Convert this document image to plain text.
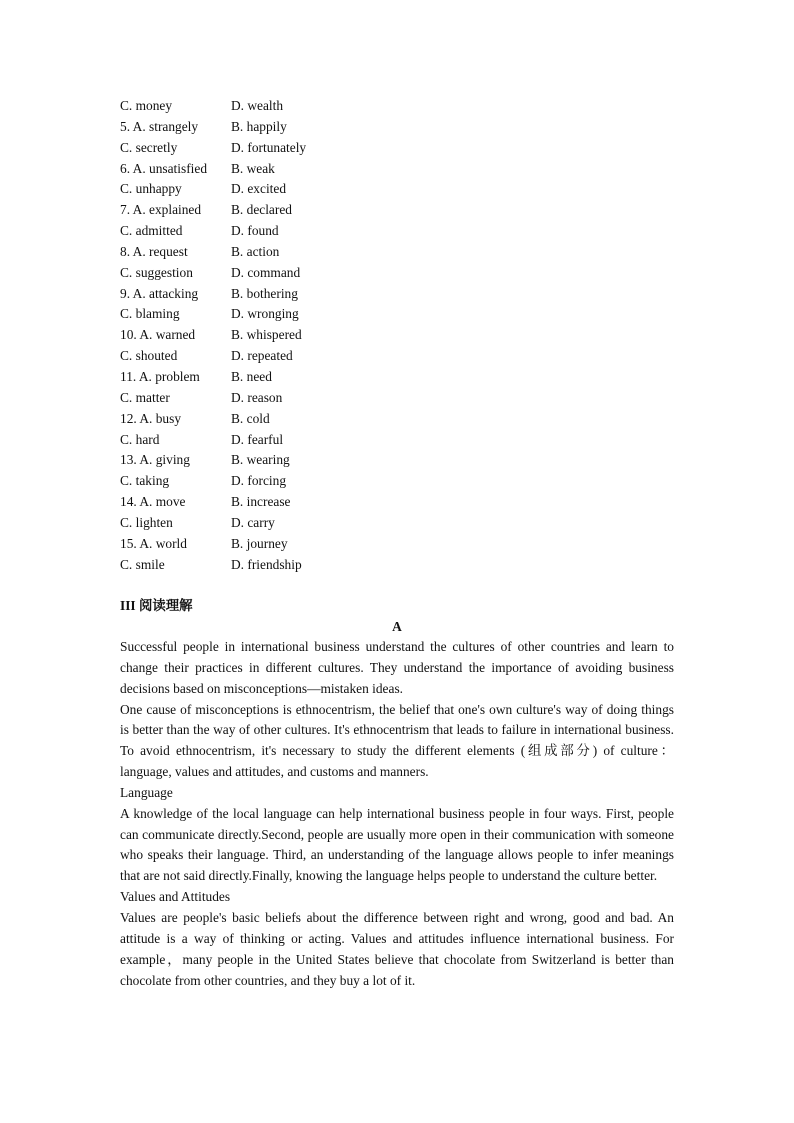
C. money	D. wealth
5. A. strangely	B. happily
C. secretly	D. fortunately
6. A. unsatisfied	B. weak
C. unhappy	D. excited
7. A. explained	B. declared
C. admitted	D. found
8. A. request	B. action
C. suggestion	D. command
9. A. attacking	B. bothering
C. blaming	D. wronging
10. A. warned	B. whispered
C. shouted	D. repeated
11. A. problem	B. need
C. matter	D. reason
12. A. busy	B. cold
C. hard	D. fearful
13. A. giving	B. wearing
C. taking	D. forcing
14. A. move	B. increase
C. lighten	D. carry
15. A. world	B. journey
C. smile	D. friendship
III 阅读理解
A

Successful people in international business understand the cultures of other countries and learn to change their practices in different cultures. They understand the importance of avoiding business decisions based on misconceptions—mistaken ideas.

One cause of misconceptions is ethnocentrism, the belief that one's own culture's way of doing things is better than the way of other cultures. It's ethnocentrism that leads to failure in international business. To avoid ethnocentrism, it's necessary to study the different elements (组成部分) of culture：language, values and attitudes, and customs and manners.

Language

A knowledge of the local language can help international business people in four ways. First, people can communicate directly.Second, people are usually more open in their communication with someone who speaks their language. Third, an understanding of the language allows people to infer meanings that are not said directly.Finally, knowing the language helps people to understand the culture better.

Values and Attitudes

Values are people's basic beliefs about the difference between right and wrong, good and bad. An attitude is a way of thinking or acting. Values and attitudes influence international business. For example，many people in the United States believe that chocolate from Switzerland is better than chocolate from other countries, and they buy a lot of it.
